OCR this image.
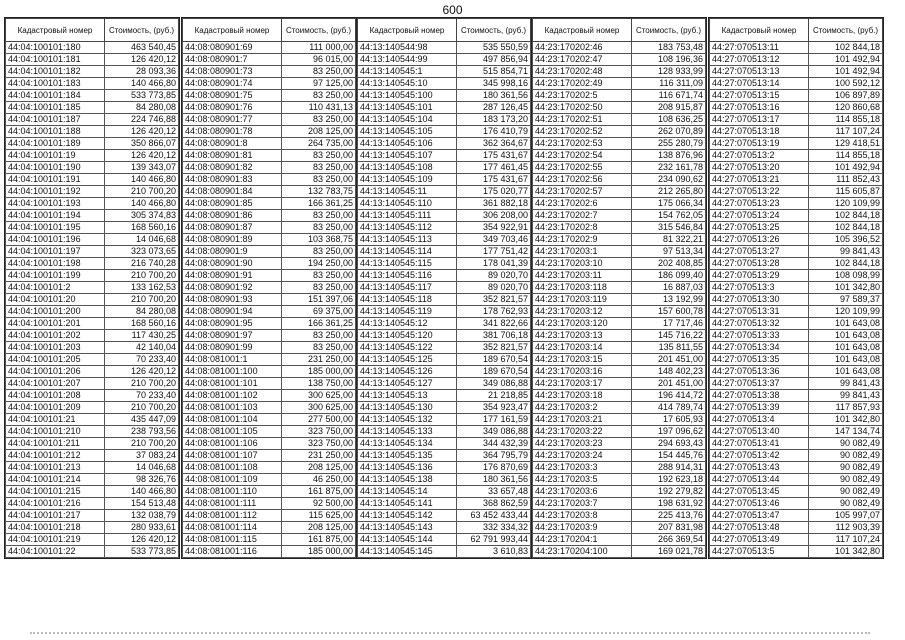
600
Кадастровый номер	Стоимость, (руб.)
44:04:100101:180	463 540,45
44:04:100101:181	126 420,12
44:04:100101:182	28 093,36
44:04:100101:183	140 466,80
44:04:100101:184	533 773,85
44:04:100101:185	84 280,08
44:04:100101:187	224 746,88
44:04:100101:188	126 420,12
44:04:100101:189	350 866,07
44:04:100101:19	126 420,12
44:04:100101:190	139 343,07
44:04:100101:191	140 466,80
44:04:100101:192	210 700,20
44:04:100101:193	140 466,80
44:04:100101:194	305 374,83
44:04:100101:195	168 560,16
44:04:100101:196	14 046,68
44:04:100101:197	323 073,65
44:04:100101:198	216 740,28
44:04:100101:199	210 700,20
44:04:100101:2	133 162,53
44:04:100101:20	210 700,20
44:04:100101:200	84 280,08
44:04:100101:201	168 560,16
44:04:100101:202	117 430,25
44:04:100101:203	42 140,04
44:04:100101:205	70 233,40
44:04:100101:206	126 420,12
44:04:100101:207	210 700,20
44:04:100101:208	70 233,40
44:04:100101:209	210 700,20
44:04:100101:21	435 447,09
44:04:100101:210	238 793,56
44:04:100101:211	210 700,20
44:04:100101:212	37 083,24
44:04:100101:213	14 046,68
44:04:100101:214	98 326,76
44:04:100101:215	140 466,80
44:04:100101:216	154 513,48
44:04:100101:217	132 038,79
44:04:100101:218	280 933,61
44:04:100101:219	126 420,12
44:04:100101:22	533 773,85
Кадастровый номер	Стоимость, (руб.)
44:08:080901:69	111 000,00
44:08:080901:7	96 015,00
44:08:080901:73	83 250,00
44:08:080901:74	97 125,00
44:08:080901:75	83 250,00
44:08:080901:76	110 431,13
44:08:080901:77	83 250,00
44:08:080901:78	208 125,00
44:08:080901:8	264 735,00
44:08:080901:81	83 250,00
44:08:080901:82	83 250,00
44:08:080901:83	83 250,00
44:08:080901:84	132 783,75
44:08:080901:85	166 361,25
44:08:080901:86	83 250,00
44:08:080901:87	83 250,00
44:08:080901:89	103 368,75
44:08:080901:9	83 250,00
44:08:080901:90	194 250,00
44:08:080901:91	83 250,00
44:08:080901:92	83 250,00
44:08:080901:93	151 397,06
44:08:080901:94	69 375,00
44:08:080901:95	166 361,25
44:08:080901:97	83 250,00
44:08:080901:99	83 250,00
44:08:081001:1	231 250,00
44:08:081001:100	185 000,00
44:08:081001:101	138 750,00
44:08:081001:102	300 625,00
44:08:081001:103	300 625,00
44:08:081001:104	277 500,00
44:08:081001:105	323 750,00
44:08:081001:106	323 750,00
44:08:081001:107	231 250,00
44:08:081001:108	208 125,00
44:08:081001:109	46 250,00
44:08:081001:110	161 875,00
44:08:081001:111	92 500,00
44:08:081001:112	115 625,00
44:08:081001:114	208 125,00
44:08:081001:115	161 875,00
44:08:081001:116	185 000,00
Кадастровый номер	Стоимость, (руб.)
44:13:140544:98	535 550,59
44:13:140544:99	497 856,94
44:13:140545:1	515 854,71
44:13:140545:10	345 998,16
44:13:140545:100	180 361,56
44:13:140545:101	287 126,45
44:13:140545:104	183 173,20
44:13:140545:105	176 410,79
44:13:140545:106	362 364,67
44:13:140545:107	175 431,67
44:13:140545:108	177 461,45
44:13:140545:109	175 431,67
44:13:140545:11	175 020,77
44:13:140545:110	361 882,18
44:13:140545:111	306 208,00
44:13:140545:112	354 922,91
44:13:140545:113	349 703,46
44:13:140545:114	177 751,42
44:13:140545:115	178 041,39
44:13:140545:116	89 020,70
44:13:140545:117	89 020,70
44:13:140545:118	352 821,57
44:13:140545:119	178 762,93
44:13:140545:12	341 822,66
44:13:140545:120	381 706,18
44:13:140545:122	352 821,57
44:13:140545:125	189 670,54
44:13:140545:126	189 670,54
44:13:140545:127	349 086,88
44:13:140545:13	21 218,85
44:13:140545:130	354 923,47
44:13:140545:132	177 161,59
44:13:140545:133	349 086,88
44:13:140545:134	344 432,39
44:13:140545:135	364 795,79
44:13:140545:136	176 870,69
44:13:140545:138	180 361,56
44:13:140545:14	33 657,48
44:13:140545:141	368 862,59
44:13:140545:142	63 452 433,44
44:13:140545:143	332 334,32
44:13:140545:144	62 791 993,44
44:13:140545:145	3 610,83
Кадастровый номер	Стоимость, (руб.)
44:23:170202:46	183 753,48
44:23:170202:47	108 196,36
44:23:170202:48	128 933,99
44:23:170202:49	116 311,09
44:23:170202:5	116 671,74
44:23:170202:50	208 915,87
44:23:170202:51	108 636,25
44:23:170202:52	262 070,89
44:23:170202:53	255 280,79
44:23:170202:54	138 876,96
44:23:170202:55	232 161,78
44:23:170202:56	234 090,62
44:23:170202:57	212 265,80
44:23:170202:6	175 066,34
44:23:170202:7	154 762,05
44:23:170202:8	315 546,84
44:23:170202:9	81 322,21
44:23:170203:1	97 513,34
44:23:170203:10	202 408,85
44:23:170203:11	186 099,40
44:23:170203:118	16 887,03
44:23:170203:119	13 192,99
44:23:170203:12	157 600,78
44:23:170203:120	17 717,46
44:23:170203:13	145 716,22
44:23:170203:14	135 811,55
44:23:170203:15	201 451,00
44:23:170203:16	148 402,23
44:23:170203:17	201 451,00
44:23:170203:18	196 414,72
44:23:170203:2	414 789,74
44:23:170203:21	17 605,93
44:23:170203:22	197 096,62
44:23:170203:23	294 693,43
44:23:170203:24	154 445,76
44:23:170203:3	288 914,31
44:23:170203:5	192 623,18
44:23:170203:6	192 279,82
44:23:170203:7	198 631,92
44:23:170203:8	225 413,76
44:23:170203:9	207 831,98
44:23:170204:1	266 369,54
44:23:170204:100	169 021,78
Кадастровый номер	Стоимость, (руб.)
44:27:070513:11	102 844,18
44:27:070513:12	101 492,94
44:27:070513:13	101 492,94
44:27:070513:14	100 592,12
44:27:070513:15	106 897,89
44:27:070513:16	120 860,68
44:27:070513:17	114 855,18
44:27:070513:18	117 107,24
44:27:070513:19	129 418,51
44:27:070513:2	114 855,18
44:27:070513:20	101 492,94
44:27:070513:21	111 852,43
44:27:070513:22	115 605,87
44:27:070513:23	120 109,99
44:27:070513:24	102 844,18
44:27:070513:25	102 844,18
44:27:070513:26	105 396,52
44:27:070513:27	99 841,43
44:27:070513:28	102 844,18
44:27:070513:29	108 098,99
44:27:070513:3	101 342,80
44:27:070513:30	97 589,37
44:27:070513:31	120 109,99
44:27:070513:32	101 643,08
44:27:070513:33	101 643,08
44:27:070513:34	101 643,08
44:27:070513:35	101 643,08
44:27:070513:36	101 643,08
44:27:070513:37	99 841,43
44:27:070513:38	99 841,43
44:27:070513:39	117 857,93
44:27:070513:4	101 342,80
44:27:070513:40	147 134,74
44:27:070513:41	90 082,49
44:27:070513:42	90 082,49
44:27:070513:43	90 082,49
44:27:070513:44	90 082,49
44:27:070513:45	90 082,49
44:27:070513:46	90 082,49
44:27:070513:47	105 997,07
44:27:070513:48	112 903,39
44:27:070513:49	117 107,24
44:27:070513:5	101 342,80
